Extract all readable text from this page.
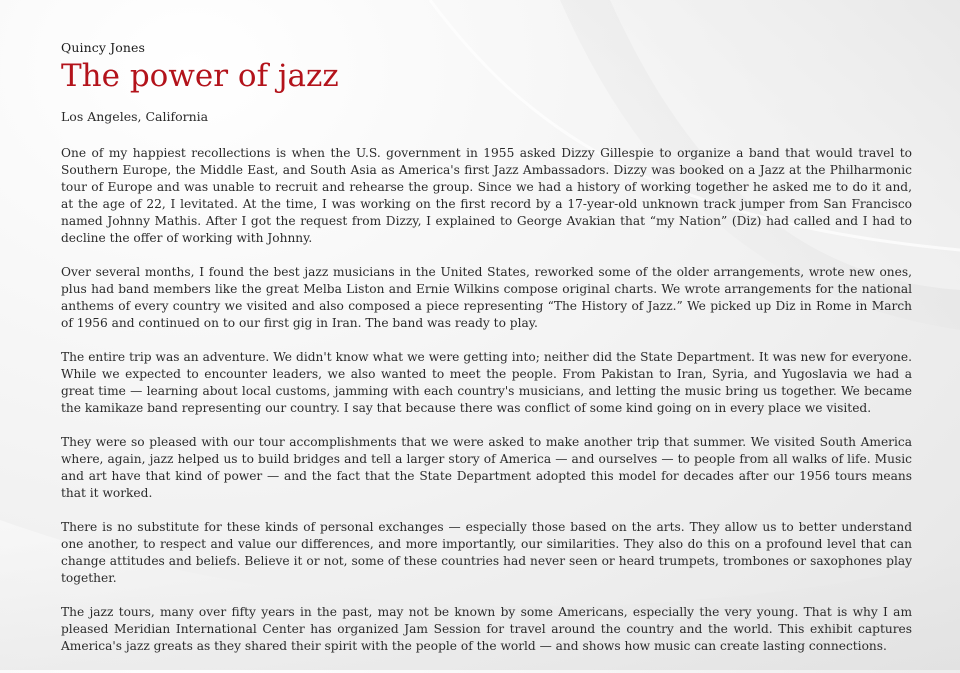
Quincy Jones
The power of jazz
Los Angeles, California

One of my happiest recollections is when the U.S. government in 1955 asked Dizzy Gillespie to organize a band that would travel to Southern Europe, the Middle East, and South Asia as America's first Jazz Ambassadors. Dizzy was booked on a Jazz at the Philharmonic tour of Europe and was unable to recruit and rehearse the group. Since we had a history of working together he asked me to do it and, at the age of 22, I levitated. At the time, I was working on the first record by a 17-year-old unknown track jumper from San Francisco named Johnny Mathis. After I got the request from Dizzy, I explained to George Avakian that “my Nation” (Diz) had called and I had to decline the offer of working with Johnny.

Over several months, I found the best jazz musicians in the United States, reworked some of the older arrangements, wrote new ones, plus had band members like the great Melba Liston and Ernie Wilkins compose original charts. We wrote arrangements for the national anthems of every country we visited and also composed a piece representing “The History of Jazz.” We picked up Diz in Rome in March of 1956 and continued on to our first gig in Iran. The band was ready to play.

The entire trip was an adventure. We didn't know what we were getting into; neither did the State Department. It was new for everyone. While we expected to encounter leaders, we also wanted to meet the people. From Pakistan to Iran, Syria, and Yugoslavia we had a great time — learning about local customs, jamming with each country's musicians, and letting the music bring us together. We became the kamikaze band representing our country. I say that because there was conflict of some kind going on in every place we visited.

They were so pleased with our tour accomplishments that we were asked to make another trip that summer. We visited South America where, again, jazz helped us to build bridges and tell a larger story of America — and ourselves — to people from all walks of life. Music and art have that kind of power — and the fact that the State Department adopted this model for decades after our 1956 tours means that it worked.

There is no substitute for these kinds of personal exchanges — especially those based on the arts. They allow us to better understand one another, to respect and value our differences, and more importantly, our similarities. They also do this on a profound level that can change attitudes and beliefs. Believe it or not, some of these countries had never seen or heard trumpets, trombones or saxophones play together.

The jazz tours, many over fifty years in the past, may not be known by some Americans, especially the very young. That is why I am pleased Meridian International Center has organized Jam Session for travel around the country and the world. This exhibit captures America's jazz greats as they shared their spirit with the people of the world — and shows how music can create lasting connections.
